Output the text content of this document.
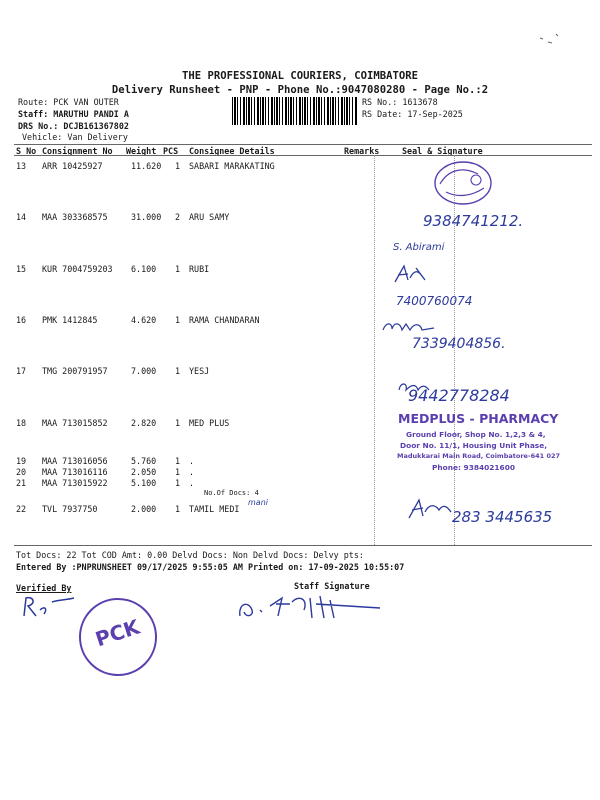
THE PROFESSIONAL COURIERS, COIMBATORE
Delivery Runsheet - PNP - Phone No.:9047080280 - Page No.:2
Route: PCK VAN OUTER
Staff: MARUTHU PANDI A
DRS No.: DCJB161367802
Vehicle: Van Delivery
RS No.: 1613678
RS Date: 17-Sep-2025
S No Consignment No Weight PCS Consignee Details	Remarks	Seal & Signature
13 ARR 10425927	11.620 1 SABARI MARAKATING
14 MAA 303368575	31.000 2 ARU SAMY
15 KUR 7004759203 6.100 1 RUBI
16 PMK 1412845	4.620 1 RAMA CHANDARAN
17 TMG 200791957	7.000 1 YESJ
18 MAA 713015852	2.820 1 MED PLUS
19 MAA 713016056	5.760 1 .
20 MAA 713016116	2.050 1 .
21 MAA 713015922	5.100 1 .
No.Of Docs: 4
22 TVL 7937750	2.000 1 TAMIL MEDI
9384741212.
S. Abirami
7400760074
7339404856.
9442778284
MEDPLUS - PHARMACY
Ground Floor, Shop No. 1,2,3 & 4,
Door No. 11/1, Housing Unit Phase,
Madukkarai Main Road, Coimbatore-641 027
Phone: 9384021600
mani
283 3445635
Tot Docs: 22 Tot COD Amt: 0.00 Delvd Docs: Non Delvd Docs: Delvy pts:
Entered By :PNPRUNSHEET 09/17/2025 9:55:05 AM Printed on: 17-09-2025 10:55:07
Verified By	Staff Signature
PCK
